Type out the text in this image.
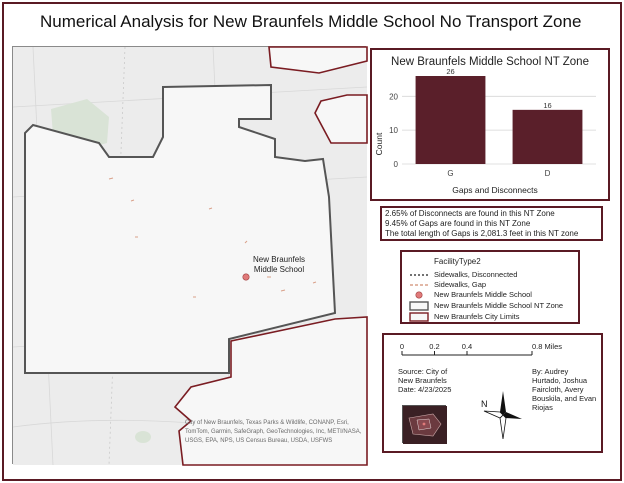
Numerical Analysis for New Braunfels Middle School No Transport Zone
New Braunfels Middle School
City of New Braunfels, Texas Parks & Wildlife, CONANP, Esri, TomTom, Garmin, SafeGraph, GeoTechnologies, Inc, METI/NASA, USGS, EPA, NPS, US Census Bureau, USDA, USFWS
New Braunfels Middle School NT Zone
Count
Gaps and Disconnects
0
10
20
26
G
16
D
2.65% of Disconnects are found in this NT Zone
9.45% of Gaps are found in this NT Zone
The total length of Gaps is 2,081.3 feet in this NT zone
FacilityType2
Sidewalks, Disconnected
Sidewalks, Gap
New Braunfels Middle School
New Braunfels Middle School NT Zone
New Braunfels City Limits
0	0.2	0.4	0.8 Miles
Source: City of
New Braunfels
Date: 4/23/2025
By: Audrey
Hurtado, Joshua
Faircloth, Avery
Bouskila, and Evan
Riojas
N
